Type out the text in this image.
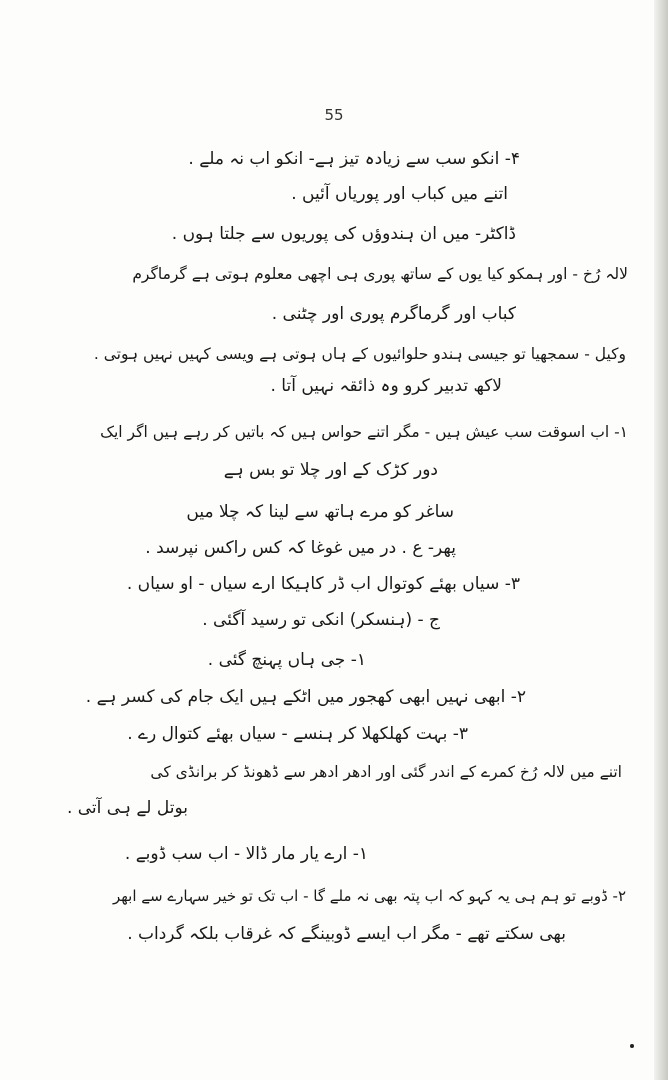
55
۴- انکو سب سے زیادہ تیز ہے- انکو اب نہ ملے .
اتنے میں کباب اور پوریاں آئیں .
ڈاکٹر- میں ان ہندوؤں کی پوریوں سے جلتا ہوں .
لالہ رُخ - اور ہمکو کیا یوں کے ساتھ پوری ہی اچھی معلوم ہوتی ہے گرماگرم
کباب اور گرماگرم پوری اور چٹنی .
وکیل - سمجھیا تو جیسی ہندو حلوائیوں کے ہاں ہوتی ہے ویسی کہیں نہیں ہوتی .
لاکھ تدبیر کرو وہ ذائقہ نہیں آتا .
۱- اب اسوقت سب عیش ہیں - مگر اتنے حواس ہیں کہ باتیں کر رہے ہیں اگر ایک
دور کڑک کے اور چلا تو بس ہے
ساغر کو مرے ہاتھ سے لینا کہ چلا میں
پھر- ع . در میں غوغا کہ کس راکس نپرسد .
۳- سیاں بھئے کوتوال اب ڈر کاہیکا ارے سیاں - او سیاں .
ج - (ہنسکر) انکی تو رسید آگئی .
۱- جی ہاں پہنچ گئی .
۲- ابھی نہیں ابھی کھجور میں اٹکے ہیں ایک جام کی کسر ہے .
۳- بہت کھلکھلا کر ہنسے - سیاں بھئے کتوال رے .
اتنے میں لالہ رُخ کمرے کے اندر گئی اور ادھر ادھر سے ڈھونڈ کر برانڈی کی
بوتل لے ہی آتی .
۱- ارے یار مار ڈالا - اب سب ڈوبے .
۲- ڈوبے تو ہم ہی یہ کہو کہ اب پتہ بھی نہ ملے گا - اب تک تو خیر سہارے سے ابھر
بھی سکتے تھے - مگر اب ایسے ڈوبینگے کہ غرقاب بلکہ گرداب .
